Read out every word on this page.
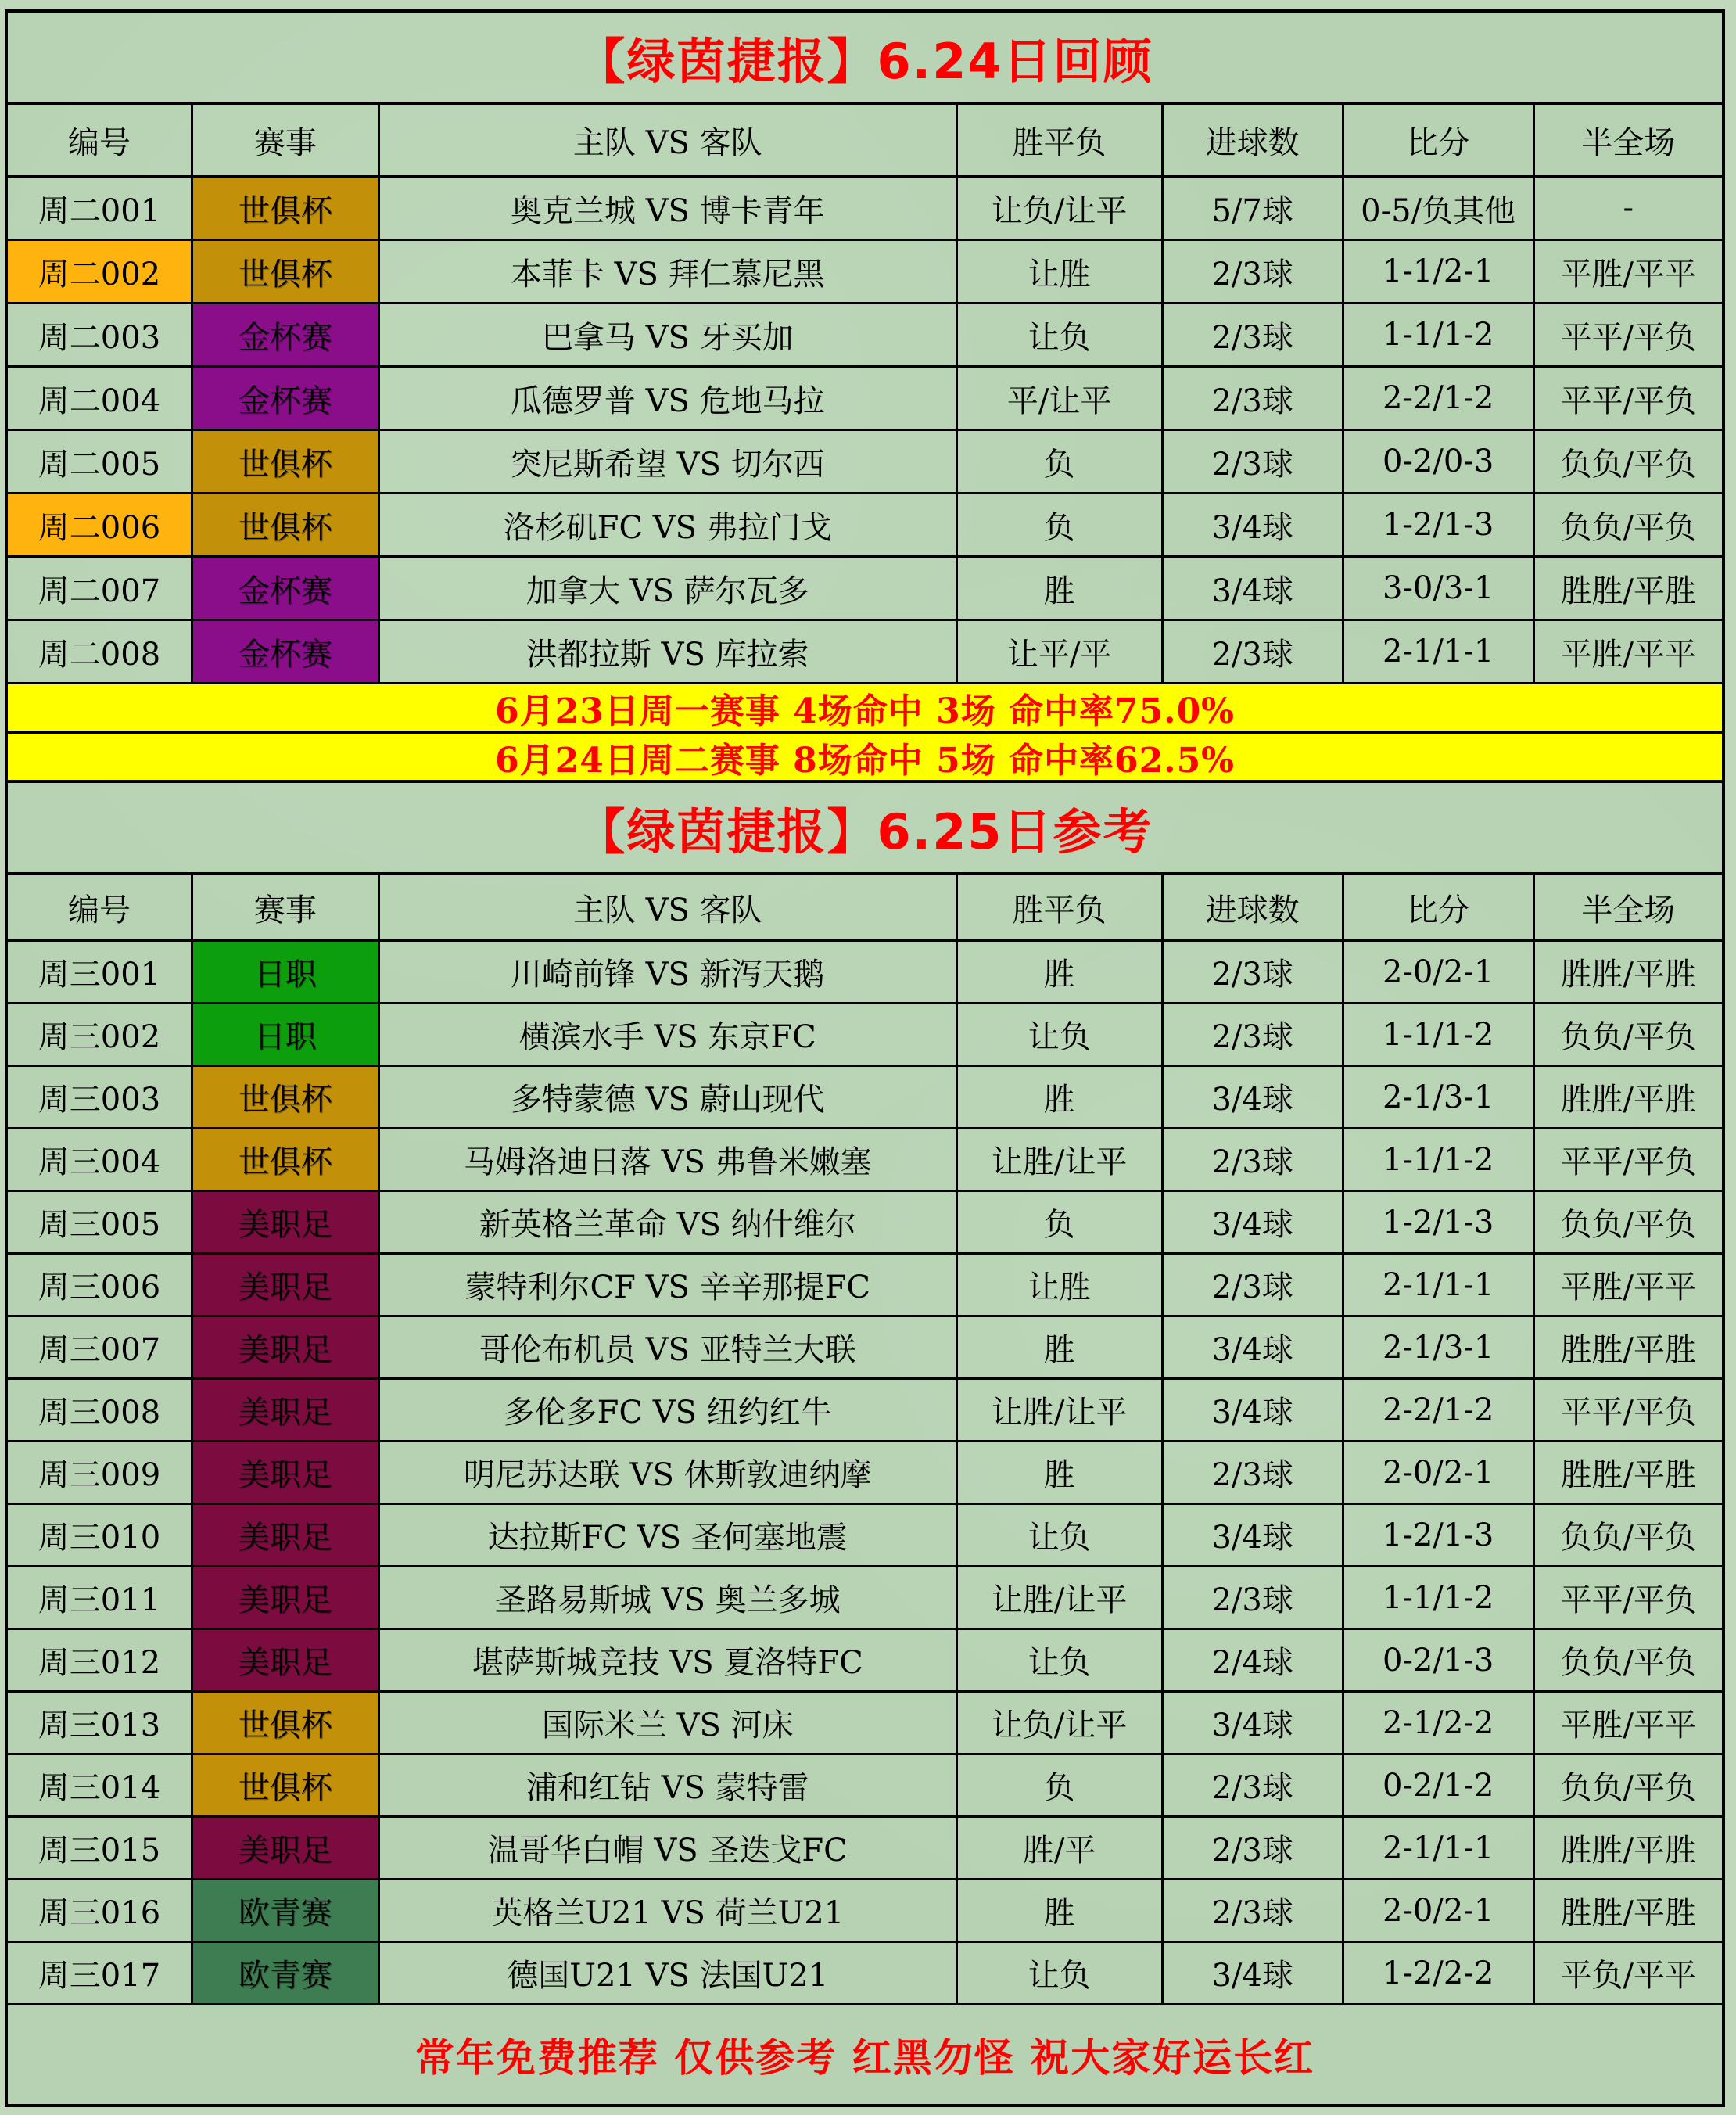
【绿茵捷报】6.24日回顾
编号	赛事	主队 VS 客队	胜平负	进球数	比分	半全场
周二001	世俱杯	奥克兰城 VS 博卡青年	让负/让平	5/7球	0-5/负其他	-
周二002	世俱杯	本菲卡 VS 拜仁慕尼黑	让胜	2/3球	1-1/2-1	平胜/平平
周二003	金杯赛	巴拿马 VS 牙买加	让负	2/3球	1-1/1-2	平平/平负
周二004	金杯赛	瓜德罗普 VS 危地马拉	平/让平	2/3球	2-2/1-2	平平/平负
周二005	世俱杯	突尼斯希望 VS 切尔西	负	2/3球	0-2/0-3	负负/平负
周二006	世俱杯	洛杉矶FC VS 弗拉门戈	负	3/4球	1-2/1-3	负负/平负
周二007	金杯赛	加拿大 VS 萨尔瓦多	胜	3/4球	3-0/3-1	胜胜/平胜
周二008	金杯赛	洪都拉斯 VS 库拉索	让平/平	2/3球	2-1/1-1	平胜/平平
6月23日周一赛事 4场命中 3场 命中率75.0%
6月24日周二赛事 8场命中 5场 命中率62.5%
【绿茵捷报】6.25日参考
编号	赛事	主队 VS 客队	胜平负	进球数	比分	半全场
周三001	日职	川崎前锋 VS 新泻天鹅	胜	2/3球	2-0/2-1	胜胜/平胜
周三002	日职	横滨水手 VS 东京FC	让负	2/3球	1-1/1-2	负负/平负
周三003	世俱杯	多特蒙德 VS 蔚山现代	胜	3/4球	2-1/3-1	胜胜/平胜
周三004	世俱杯	马姆洛迪日落 VS 弗鲁米嫩塞	让胜/让平	2/3球	1-1/1-2	平平/平负
周三005	美职足	新英格兰革命 VS 纳什维尔	负	3/4球	1-2/1-3	负负/平负
周三006	美职足	蒙特利尔CF VS 辛辛那提FC	让胜	2/3球	2-1/1-1	平胜/平平
周三007	美职足	哥伦布机员 VS 亚特兰大联	胜	3/4球	2-1/3-1	胜胜/平胜
周三008	美职足	多伦多FC VS 纽约红牛	让胜/让平	3/4球	2-2/1-2	平平/平负
周三009	美职足	明尼苏达联 VS 休斯敦迪纳摩	胜	2/3球	2-0/2-1	胜胜/平胜
周三010	美职足	达拉斯FC VS 圣何塞地震	让负	3/4球	1-2/1-3	负负/平负
周三011	美职足	圣路易斯城 VS 奥兰多城	让胜/让平	2/3球	1-1/1-2	平平/平负
周三012	美职足	堪萨斯城竞技 VS 夏洛特FC	让负	2/4球	0-2/1-3	负负/平负
周三013	世俱杯	国际米兰 VS 河床	让负/让平	3/4球	2-1/2-2	平胜/平平
周三014	世俱杯	浦和红钻 VS 蒙特雷	负	2/3球	0-2/1-2	负负/平负
周三015	美职足	温哥华白帽 VS 圣迭戈FC	胜/平	2/3球	2-1/1-1	胜胜/平胜
周三016	欧青赛	英格兰U21 VS 荷兰U21	胜	2/3球	2-0/2-1	胜胜/平胜
周三017	欧青赛	德国U21 VS 法国U21	让负	3/4球	1-2/2-2	平负/平平
常年免费推荐 仅供参考 红黑勿怪 祝大家好运长红
